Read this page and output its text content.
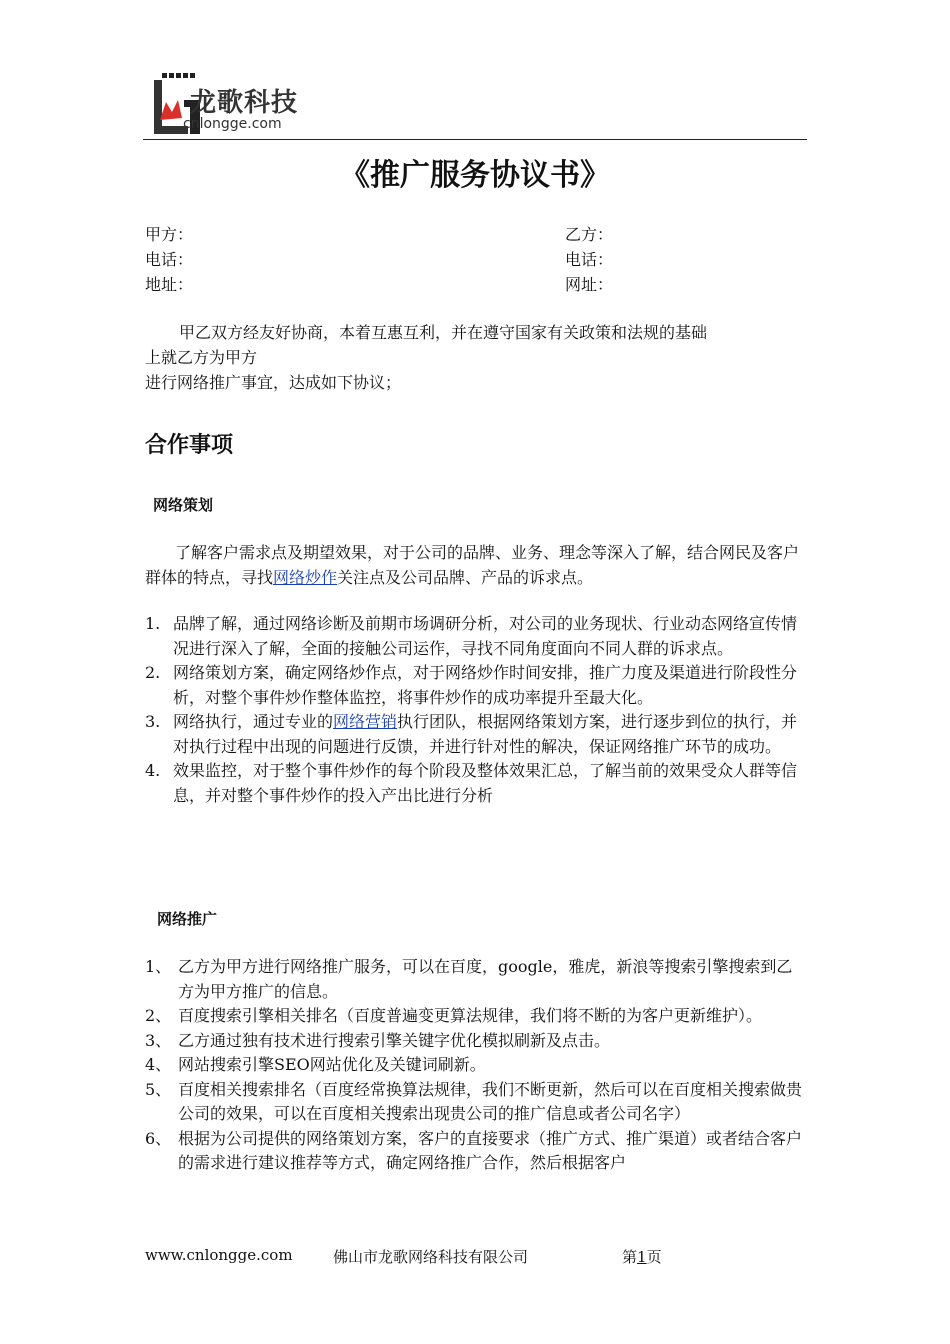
龙歌科技
cnlongge.com
《推广服务协议书》
甲方：
电话：
地址：
乙方：
电话：
网址：
甲乙双方经友好协商，本着互惠互利，并在遵守国家有关政策和法规的基础
上就乙方为甲方
进行网络推广事宜，达成如下协议；
合作事项
网络策划
了解客户需求点及期望效果，对于公司的品牌、业务、理念等深入了解，结合网民及客户群体的特点，寻找网络炒作关注点及公司品牌、产品的诉求点。
1. 品牌了解，通过网络诊断及前期市场调研分析，对公司的业务现状、行业动态网络宣传情况进行深入了解，全面的接触公司运作，寻找不同角度面向不同人群的诉求点。
2. 网络策划方案，确定网络炒作点，对于网络炒作时间安排，推广力度及渠道进行阶段性分析，对整个事件炒作整体监控，将事件炒作的成功率提升至最大化。
3. 网络执行，通过专业的网络营销执行团队，根据网络策划方案，进行逐步到位的执行，并对执行过程中出现的问题进行反馈，并进行针对性的解决，保证网络推广环节的成功。
4. 效果监控，对于整个事件炒作的每个阶段及整体效果汇总，了解当前的效果受众人群等信息，并对整个事件炒作的投入产出比进行分析
网络推广
1、 乙方为甲方进行网络推广服务，可以在百度，google，雅虎，新浪等搜索引擎搜索到乙方为甲方推广的信息。
2、 百度搜索引擎相关排名（百度普遍变更算法规律，我们将不断的为客户更新维护）。
3、 乙方通过独有技术进行搜索引擎关键字优化模拟刷新及点击。
4、 网站搜索引擎SEO网站优化及关键词刷新。
5、 百度相关搜索排名（百度经常换算法规律，我们不断更新，然后可以在百度相关搜索做贵公司的效果，可以在百度相关搜索出现贵公司的推广信息或者公司名字）
6、 根据为公司提供的网络策划方案，客户的直接要求（推广方式、推广渠道）或者结合客户的需求进行建议推荐等方式，确定网络推广合作，然后根据客户
www.cnlongge.com	佛山市龙歌网络科技有限公司	第1页
